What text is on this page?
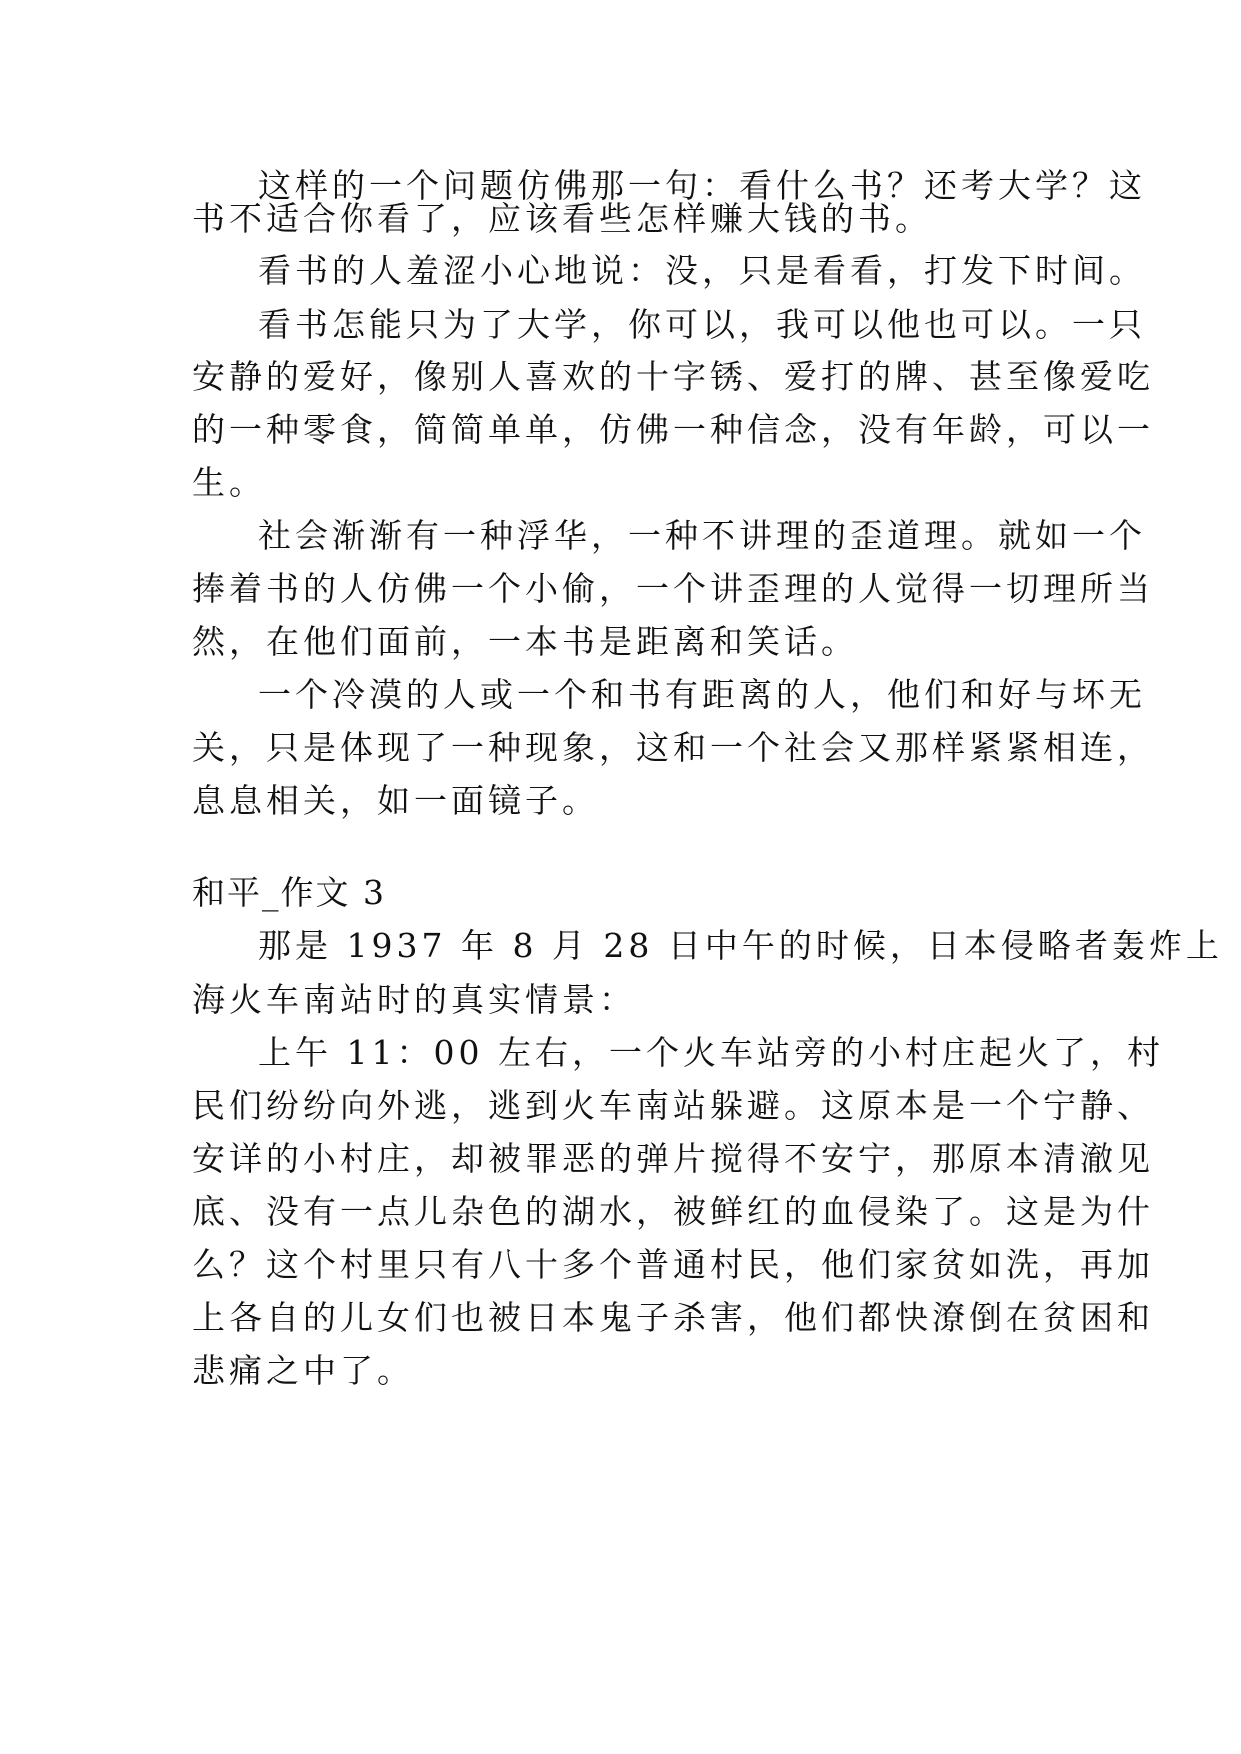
这样的一个问题仿佛那一句：看什么书？还考大学？这
书不适合你看了，应该看些怎样赚大钱的书。
看书的人羞涩小心地说：没，只是看看，打发下时间。
看书怎能只为了大学，你可以，我可以他也可以。一只
安静的爱好，像别人喜欢的十字锈、爱打的牌、甚至像爱吃
的一种零食，简简单单，仿佛一种信念，没有年龄，可以一
生。
社会渐渐有一种浮华，一种不讲理的歪道理。就如一个
捧着书的人仿佛一个小偷，一个讲歪理的人觉得一切理所当
然，在他们面前，一本书是距离和笑话。
一个冷漠的人或一个和书有距离的人，他们和好与坏无
关，只是体现了一种现象，这和一个社会又那样紧紧相连，
息息相关，如一面镜子。
和平_作文 3
那是 1937 年 8 月 28 日中午的时候，日本侵略者轰炸上
海火车南站时的真实情景：
上午 11：00 左右，一个火车站旁的小村庄起火了，村
民们纷纷向外逃，逃到火车南站躲避。这原本是一个宁静、
安详的小村庄，却被罪恶的弹片搅得不安宁，那原本清澈见
底、没有一点儿杂色的湖水，被鲜红的血侵染了。这是为什
么？这个村里只有八十多个普通村民，他们家贫如洗，再加
上各自的儿女们也被日本鬼子杀害，他们都快潦倒在贫困和
悲痛之中了。
